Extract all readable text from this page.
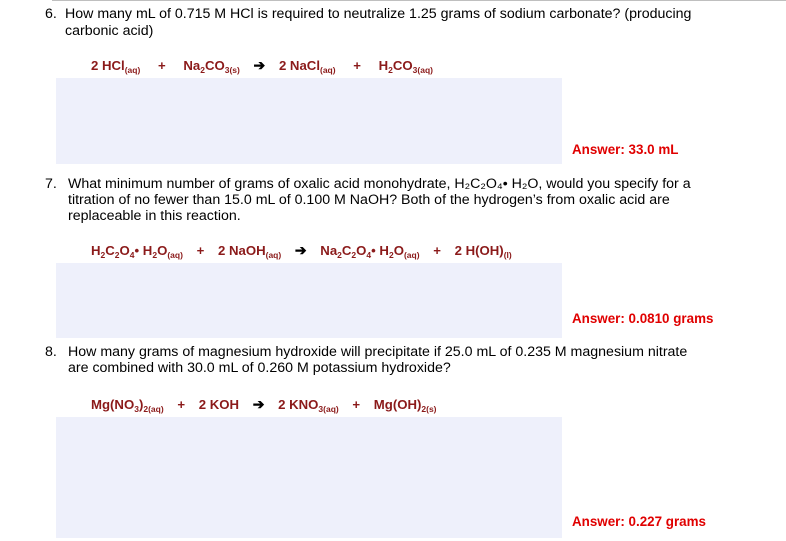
6. How many mL of 0.715 M HCl is required to neutralize 1.25 grams of sodium carbonate? (producing
carbonic acid)
2 $HCl_{(aq)} + Na_2CO_{3(s)}$ ➔ 2 NaCl$_{(aq)}$ + $H_2CO_{3(aq)}$
Answer: 33.0 mL
7. What minimum number of grams of oxalic acid monohydrate, H₂C₂O₄• H₂O, would you specify for a
titration of no fewer than 15.0 mL of 0.100 M NaOH? Both of the hydrogen’s from oxalic acid are
replaceable in this reaction.
$H_2C_2O_4•$ $H_2O_{(aq)} + 2$ NaOH$_{(aq)}$ ➔ $Na_2C_2O_4•$ $H_2O_{(aq)} + 2$ $H(OH)_{(l)}$
Answer: 0.0810 grams
8. How many grams of magnesium hydroxide will precipitate if 25.0 mL of 0.235 M magnesium nitrate
are combined with 30.0 mL of 0.260 M potassium hydroxide?
$Mg(NO_3)_{2(aq)} + 2$ KOH ➔ 2 $KNO_{3(aq)} + Mg(OH)_{2(s)}$
Answer: 0.227 grams
